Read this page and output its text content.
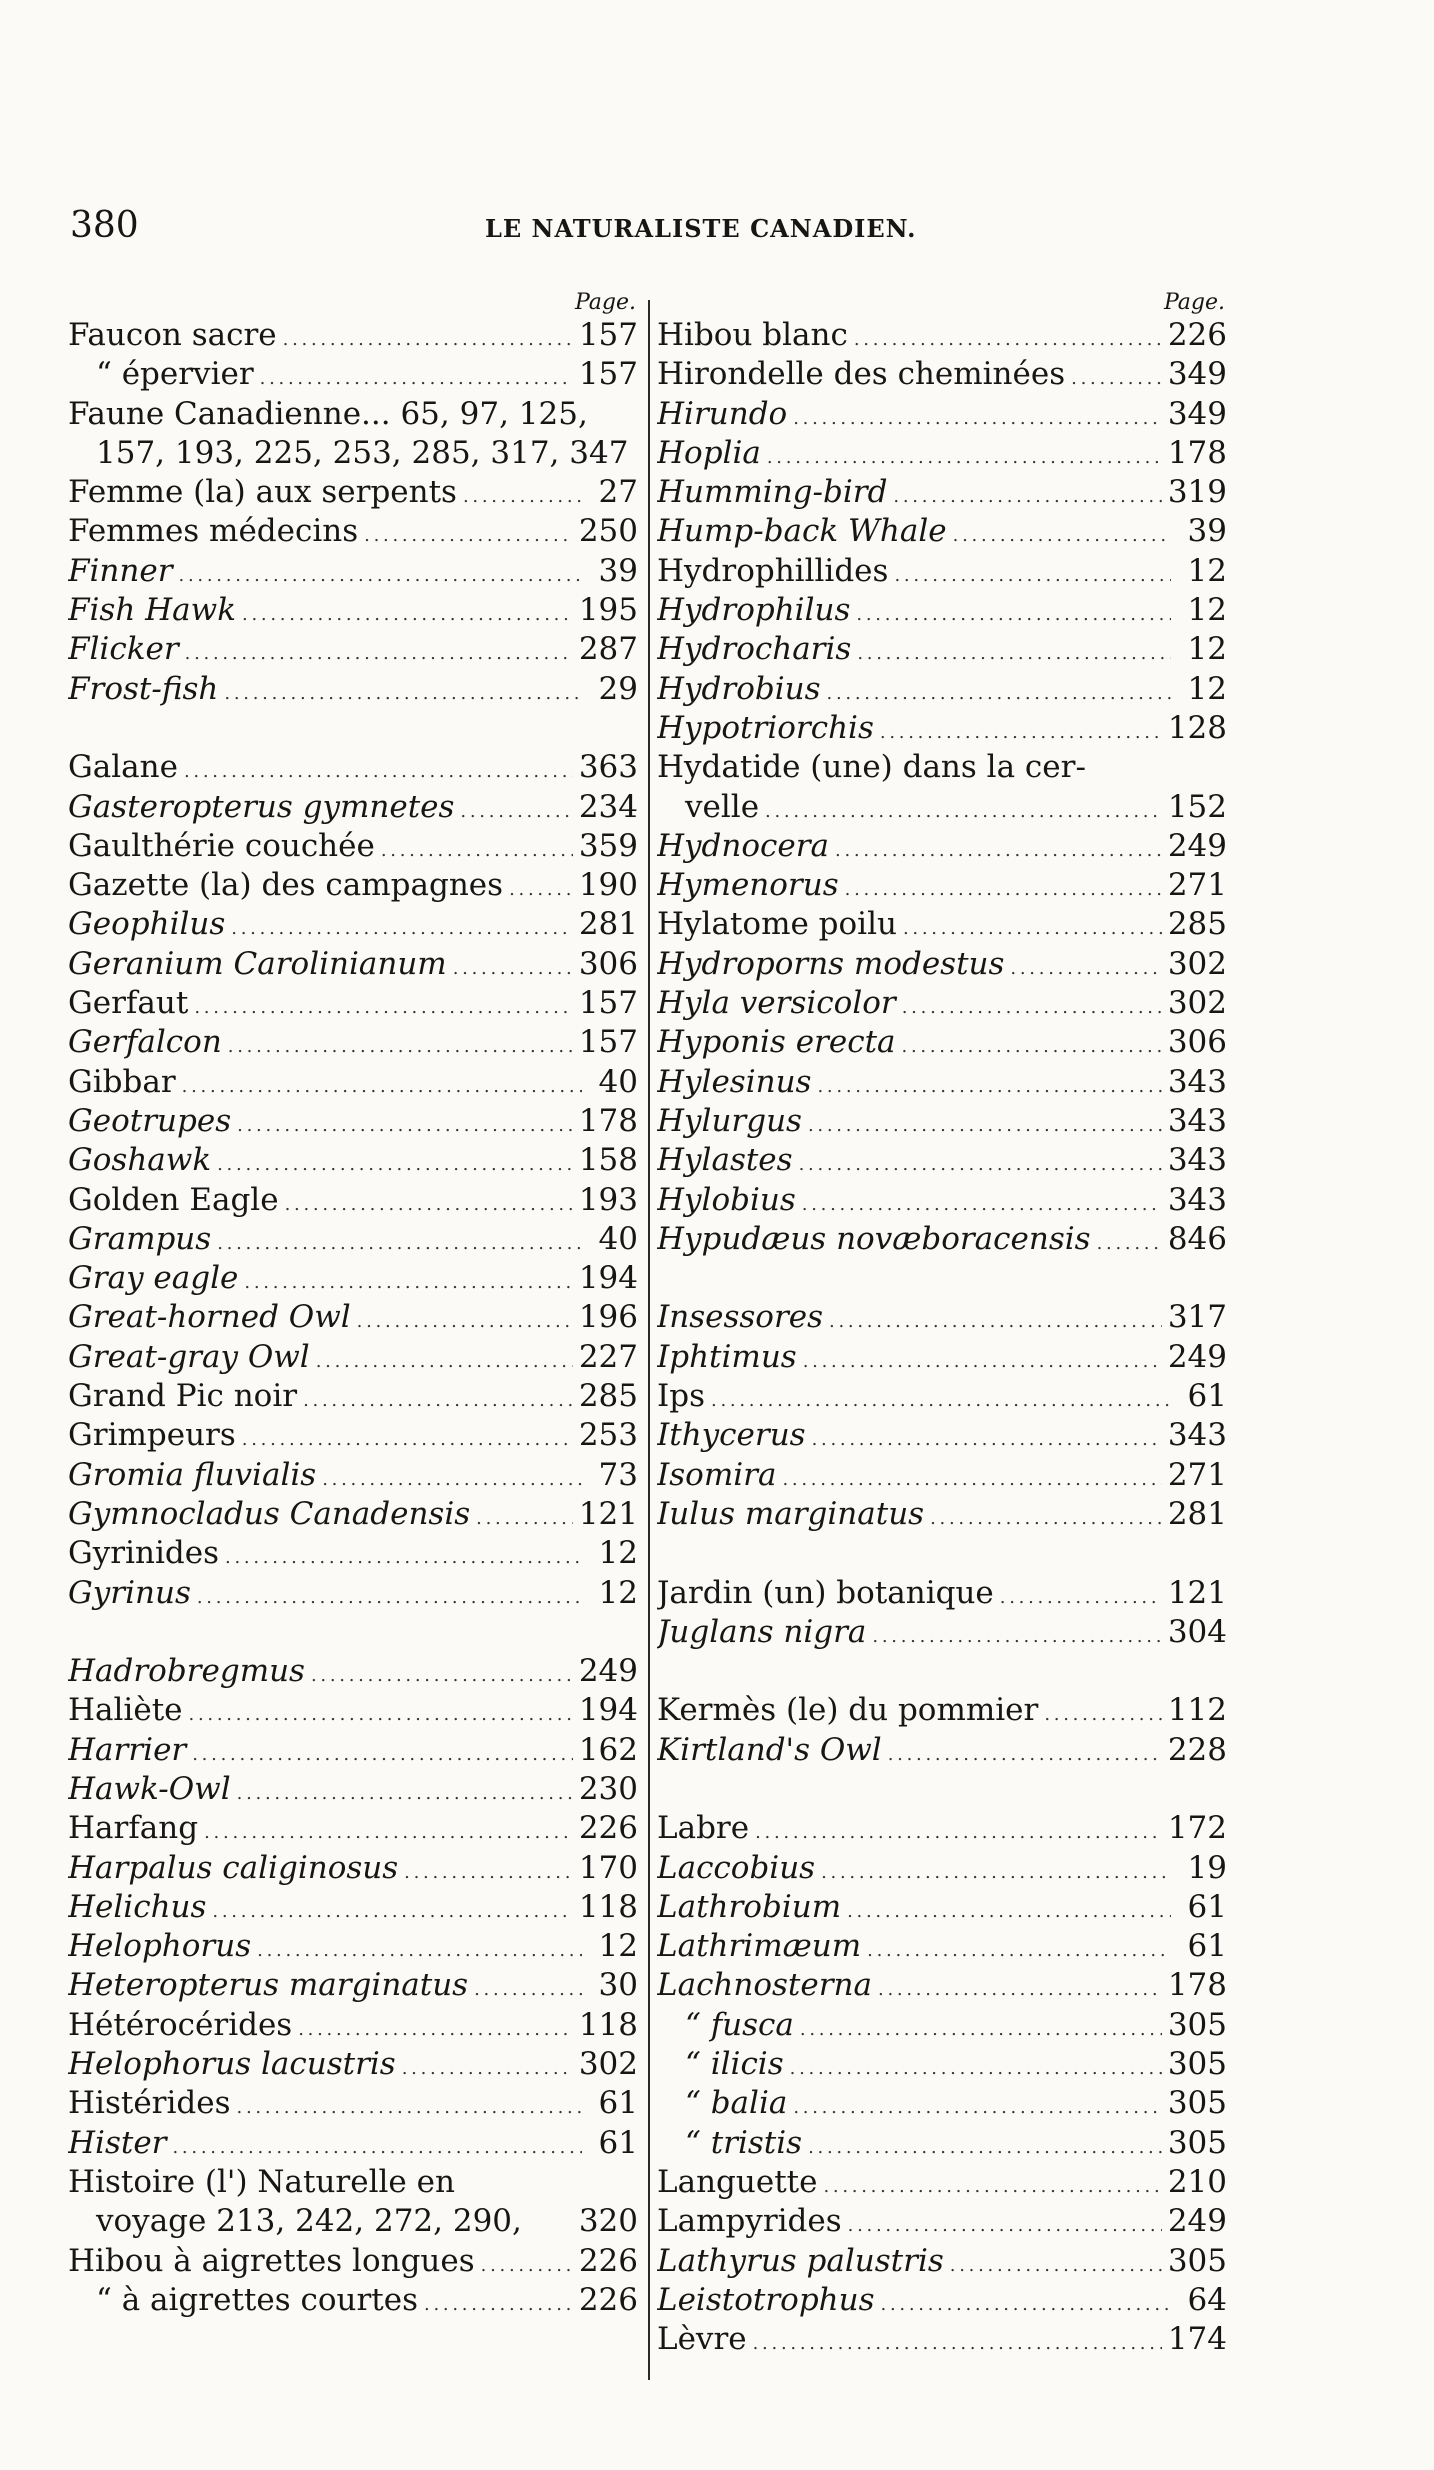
380	LE NATURALISTE CANADIEN.
Page.
Faucon sacre . . .	157
“ épervier . . .	157
Faune Canadienne... 65, 97, 125,
157, 193, 225, 253, 285, 317, 347
Femme (la) aux serpents . . .	27
Femmes médecins . . .	250
Finner . . .	39
Fish Hawk . . .	195
Flicker . . .	287
Frost-fish . . .	29
Galane . . .	363
Gasteropterus gymnetes . . .	234
Gaulthérie couchée . . .	359
Gazette (la) des campagnes . . . 190
Geophilus . . .	281
Geranium Carolinianum . . .	306
Gerfaut . . .	157
Gerfalcon . . .	157
Gibbar . . .	40
Geotrupes . . .	178
Goshawk . . .	158
Golden Eagle . . .	193
Grampus . . .	40
Gray eagle . . .	194
Great-horned Owl . . .	196
Great-gray Owl . . .	227
Grand Pic noir . . .	285
Grimpeurs . . .	253
Gromia fluvialis . . .	73
Gymnocladus Canadensis . . .	121
Gyrinides . . .	12
Gyrinus . . .	12
Hadrobregmus . . .	249
Haliète . . .	194
Harrier . . .	162
Hawk-Owl . . .	230
Harfang . . .	226
Harpalus caliginosus . . .	170
Helichus . . .	118
Helophorus . . .	12
Heteropterus marginatus . . .	30
Hétérocérides . . .	118
Helophorus lacustris . . .	302
Histérides . . .	61
Hister . . .	61
Histoire (l') Naturelle en
voyage 213, 242, 272, 290, 320
Hibou à aigrettes longues . . .	226
“ à aigrettes courtes . . .	226
Page.
Hibou blanc . . .	226
Hirondelle des cheminées . . .	349
Hirundo . . .	349
Hoplia . . .	178
Humming-bird . . .	319
Hump-back Whale . . .	39
Hydrophillides . . .	12
Hydrophilus . . .	12
Hydrocharis . . .	12
Hydrobius . . .	12
Hypotriorchis . . .	128
Hydatide (une) dans la cer-
velle . . .	152
Hydnocera . . .	249
Hymenorus . . .	271
Hylatome poilu . . .	285
Hydroporns modestus . . .	302
Hyla versicolor . . .	302
Hyponis erecta . . .	306
Hylesinus . . .	343
Hylurgus . . .	343
Hylastes . . .	343
Hylobius . . .	343
Hypudæus novæboracensis . . . 846
Insessores . . .	317
Iphtimus . . .	249
Ips . . .	61
Ithycerus . . .	343
Isomira . . .	271
Iulus marginatus . . .	281
Jardin (un) botanique . . .	121
Juglans nigra . . .	304
Kermès (le) du pommier . . .	112
Kirtland's Owl . . .	228
Labre . . .	172
Laccobius . . .	19
Lathrobium . . .	61
Lathrimæum . . .	61
Lachnosterna . . .	178
“ fusca . . .	305
“ ilicis . . .	305
“ balia . . .	305
“ tristis . . .	305
Languette . . .	210
Lampyrides . . .	249
Lathyrus palustris . . .	305
Leistotrophus . . .	64
Lèvre . . .	174
